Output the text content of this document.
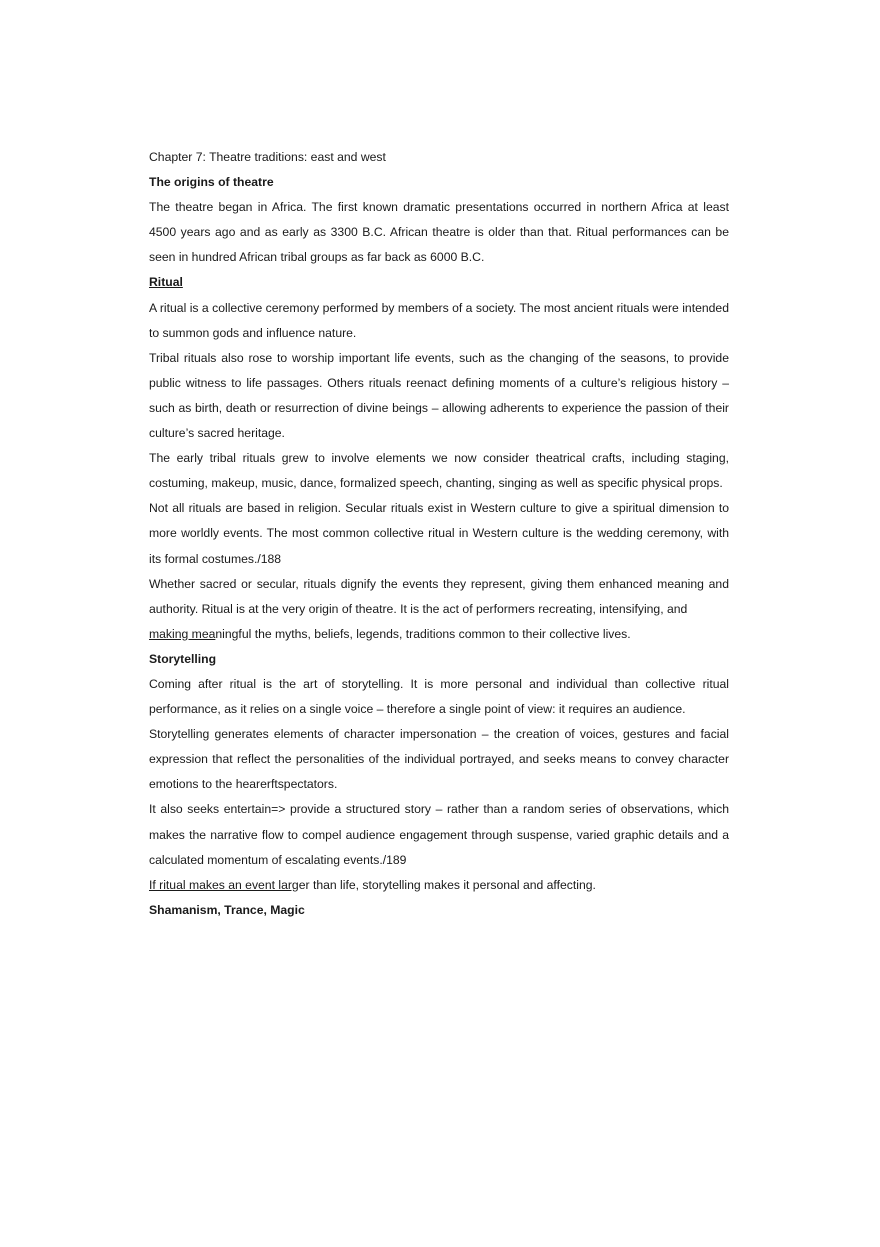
Chapter 7: Theatre traditions: east and west

The origins of theatre

The theatre began in Africa. The first known dramatic presentations occurred in northern Africa at least 4500 years ago and as early as 3300 B.C. African theatre is older than that. Ritual performances can be seen in hundred African tribal groups as far back as 6000 B.C.

Ritual

A ritual is a collective ceremony performed by members of a society. The most ancient rituals were intended to summon gods and influence nature.

Tribal rituals also rose to worship important life events, such as the changing of the seasons, to provide public witness to life passages. Others rituals reenact defining moments of a culture’s religious history – such as birth, death or resurrection of divine beings – allowing adherents to experience the passion of their culture’s sacred heritage.

The early tribal rituals grew to involve elements we now consider theatrical crafts, including staging, costuming, makeup, music, dance, formalized speech, chanting, singing as well as specific physical props.

Not all rituals are based in religion. Secular rituals exist in Western culture to give a spiritual dimension to more worldly events. The most common collective ritual in Western culture is the wedding ceremony, with its formal costumes./188

Whether sacred or secular, rituals dignify the events they represent, giving them enhanced meaning and authority. Ritual is at the very origin of theatre. It is the act of performers recreating, intensifying, and
making meaningful the myths, beliefs, legends, traditions common to their collective lives.

Storytelling

Coming after ritual is the art of storytelling. It is more personal and individual than collective ritual performance, as it relies on a single voice – therefore a single point of view: it requires an audience.

Storytelling generates elements of character impersonation – the creation of voices, gestures and facial expression that reflect the personalities of the individual portrayed, and seeks means to convey character emotions to the hearerftspectators.

It also seeks entertain=> provide a structured story – rather than a random series of observations, which makes the narrative flow to compel audience engagement through suspense, varied graphic details and a calculated momentum of escalating events./189

If ritual makes an event larger than life, storytelling makes it personal and affecting.

Shamanism, Trance, Magic
